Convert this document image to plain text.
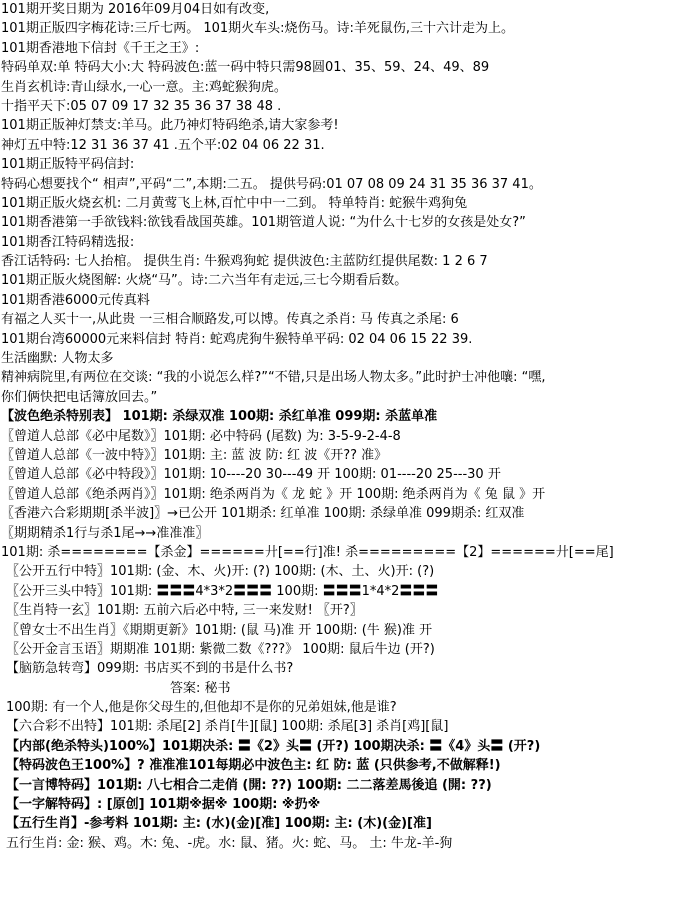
101期开奖日期为 2016年09月04日如有改变,
101期正版四字梅花诗:三斤七两。 101期火车头:烧伤马。诗:羊死鼠伤,三十六计走为上。
101期香港地下信封《千王之王》:
特码单双:单 特码大小:大 特码波色:蓝一码中特只需98圆01、35、59、24、49、89
生肖玄机诗:青山绿水,一心一意。主:鸡蛇猴狗虎。
十指平天下:05 07 09 17 32 35 36 37 38 48 .
101期正版神灯禁支:羊马。此乃神灯特码绝杀,请大家参考!
神灯五中特:12 31 36 37 41 .五个平:02 04 06 22 31.
101期正版特平码信封:
特码心想要找个“ 相声”,平码“二”,本期:二五。 提供号码:01 07 08 09 24 31 35 36 37 41。
101期正版火烧玄机: 二月黄莺飞上林,百忙中中一二到。 特单特肖: 蛇猴牛鸡狗兔
101期香港第一手欲钱料:欲钱看战国英雄。101期管道人说: “为什么十七岁的女孩是处女?”
101期香江特码精选报:
香江话特码: 七人抬棺。 提供生肖: 牛猴鸡狗蛇 提供波色:主蓝防红提供尾数: 1 2 6 7
101期正版火烧图解: 火烧“马”。诗:二六当年有走远,三七今期看后数。
101期香港6000元传真料
有福之人买十一,从此贵 一三相合顺路发,可以博。传真之杀肖: 马 传真之杀尾: 6
101期台湾60000元来料信封 特肖: 蛇鸡虎狗牛猴特单平码: 02 04 06 15 22 39.
生活幽默: 人物太多
精神病院里,有两位在交谈: “我的小说怎么样?”“不错,只是出场人物太多。”此时护士冲他嚷: “嘿,
你们俩快把电话簿放回去。”
【波色绝杀特别表】 101期: 杀绿双准 100期: 杀红单准 099期: 杀蓝单准
〖曾道人总部《必中尾数》〗101期: 必中特码 (尾数) 为: 3-5-9-2-4-8
〖曾道人总部《一波中特》〗101期: 主: 蓝 波 防: 红 波《开?? 准》
〖曾道人总部《必中特段》〗101期: 10----20 30---49 开 100期: 01----20 25---30 开
〖曾道人总部《绝杀两肖》〗101期: 绝杀两肖为《 龙 蛇 》开 100期: 绝杀两肖为《 兔 鼠 》开
〖香港六合彩期期[杀半波]〗→已公开 101期杀: 红单准 100期: 杀绿单准 099期杀: 红双准
〖期期精杀1行与杀1尾→→准准准〗
101期: 杀========【杀金】======廾[==行]准! 杀=========【2】======廾[==尾]
〖公开五行中特〗101期: (金、木、火)开: (?) 100期: (木、土、火)开: (?)
〖公开三头中特〗101期: 〓〓〓4*3*2〓〓〓 100期: 〓〓〓1*4*2〓〓〓
〖生肖特一玄〗101期: 五前六后必中特, 三一来发财! 〖开?〗
〖曾女士不出生肖〗《期期更新》101期: (鼠 马)准 开 100期: (牛 猴)准 开
〖公开金言玉语〗期期准 101期: 紫微二数《???》 100期: 鼠后牛边 (开?)
【脑筋急转弯】099期: 书店买不到的书是什么书?
答案: 秘书
100期: 有一个人,他是你父母生的,但他却不是你的兄弟姐妹,他是谁?
【六合彩不出特】101期: 杀尾[2] 杀肖[牛][鼠] 100期: 杀尾[3] 杀肖[鸡][鼠]
【内部(绝杀特头)100%】101期决杀: 〓《2》头〓 (开?) 100期决杀: 〓《4》头〓 (开?)
【特码波色王100%】? 准准准101每期必中波色主: 红 防: 蓝 (只供参考,不做解释!)
【一言博特码】101期: 八七相合二走俏 (開: ??) 100期: 二二落差馬後追 (開: ??)
【一字解特码】: [原创] 101期※据※ 100期: ※扔※
【五行生肖】-参考料 101期: 主: (水)(金)[准] 100期: 主: (木)(金)[准]
五行生肖: 金: 猴、鸡。木: 兔、-虎。水: 鼠、猪。火: 蛇、马。 土: 牛龙-羊-狗
